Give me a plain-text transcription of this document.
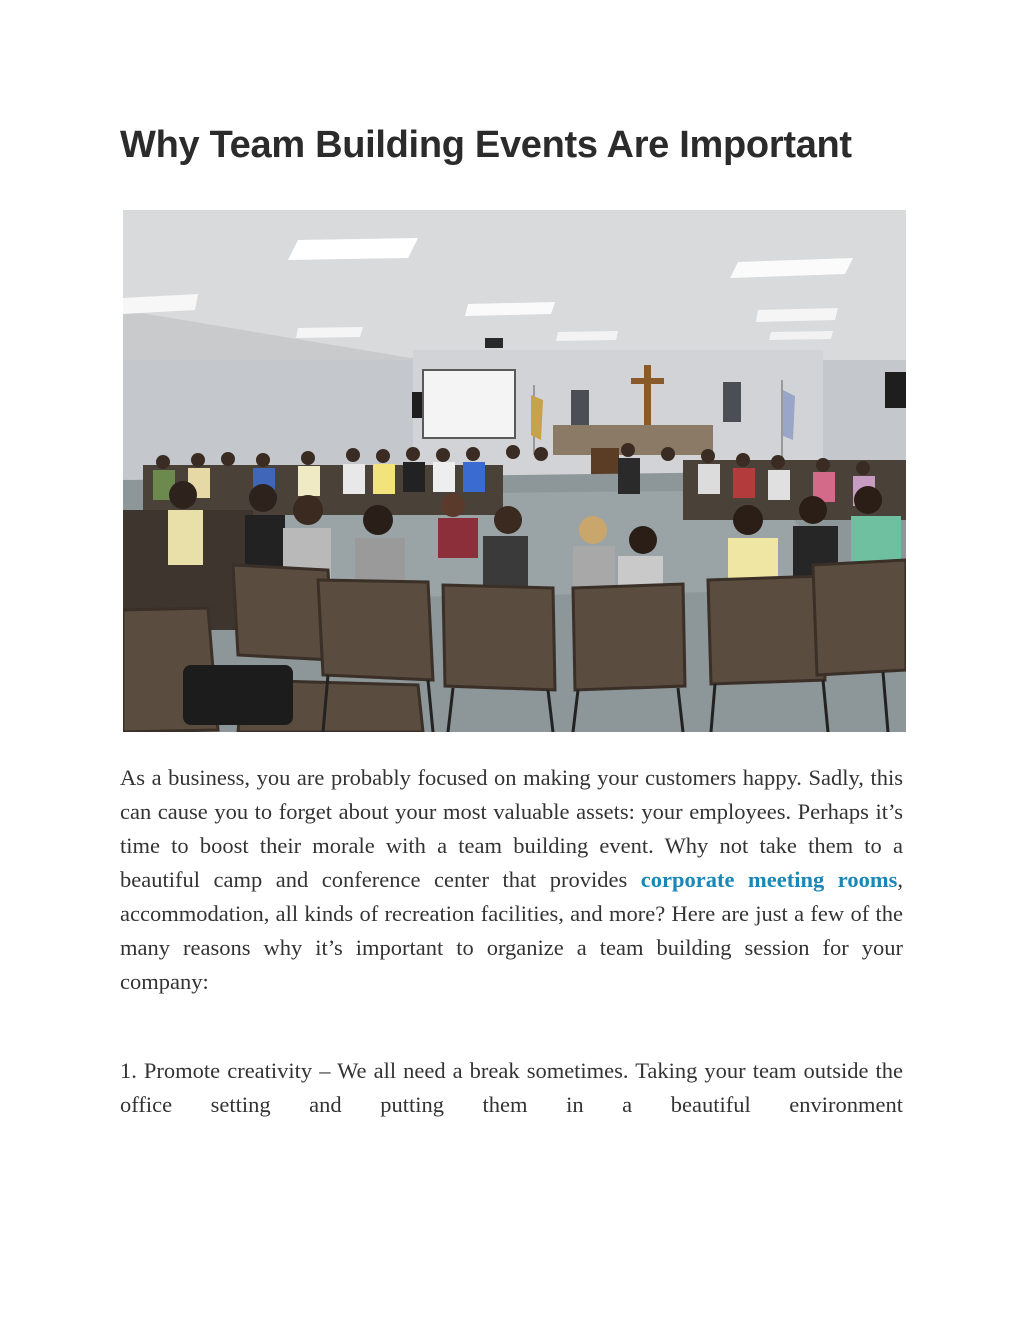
Why Team Building Events Are Important

As a business, you are probably focused on making your customers happy. Sadly, this can cause you to forget about your most valuable assets: your employees. Perhaps it’s time to boost their morale with a team building event. Why not take them to a beautiful camp and conference center that provides corporate meeting rooms, accommodation, all kinds of recreation facilities, and more? Here are just a few of the many reasons why it’s important to organize a team building session for your company:

1. Promote creativity – We all need a break sometimes. Taking your team outside the office setting and putting them in a beautiful environment
